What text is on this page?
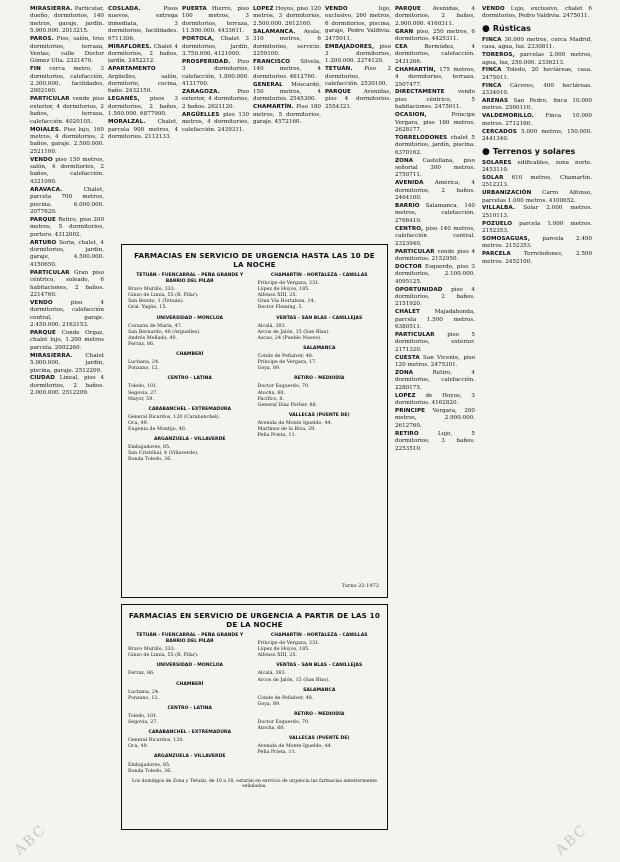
MIRASIERRA. Particular, dueño, dormitorios, 140 metros, garaje, jardín. 5.900.000. 2013215.

PAROS. Piso, salón, tres dormitorios, terraza, Ventas, calle Doctor Gómez Ulla. 2321470.

FIN cerca metro, 3 dormitorios, calefacción, 2.300.000, facilidades, 2002160.

PARTICULAR vende piso exterior, 4 dormitorios, 2 baños, terraza, calefacción. 4020105.

MOIALES. Piso lujo, 160 metros, 4 dormitorios, 2 baños, garaje. 2.500.000. 2521100.

VENDO piso 150 metros, salón, 4 dormitorios, 2 baños, calefacción. 4321090.

ARAVACA. Chalet, parcela 700 metros, piscina. 6.000.000. 2077620.

PARQUE Retiro, piso 200 metros, 5 dormitorios, portero. 4312002.

ARTURO Soria, chalet, 4 dormitorios, jardín, garaje, 4.500.000. 4150650.

PARTICULAR Gran piso céntrico, soleado, 6 habitaciones, 2 baños. 2214760.

VENDO piso 4 dormitorios, calefacción central, garaje. 2.450.000. 2162153.

PARQUE Conde Orgaz, chalet lujo, 1.200 metros parcela. 2002260.

MIRASIERRA. Chalet 5.000.000, jardín, piscina, garaje. 2512209.

CIUDAD Lineal, piso 4 dormitorios, 2 baños. 2.000.000. 2512209.

COSLADA. Pisos nuevos, entrega inmediata, 3 dormitorios, facilidades. 6711306.

MIRAFLORES. Chalet 4 dormitorios, 2 baños, jardín. 2452212.

APARTAMENTO Argüelles, salón, dormitorio, cocina, baño. 2432150.

LEGANÉS, pisos 3 dormitorios, 2 baños, 1.500.000. 6877900.

MORALZAL. Chalet, parcela 900 metros, 4 dormitorios. 2112133.

PUERTA Hierro, piso 100 metros, 3 dormitorios, terraza, 11.500.000. 4433611.

PORTOLA, Chalet 3 dormitorios, jardín, 3.750.000. 4121000.

PROSPERIDAD. Piso 3 dormitorios, calefacción, 1.800.000. 4131700.

ZARAGOZA. Piso exterior, 4 dormitorios, 2 baños. 2621120.

ARGÜELLES piso 130 metros, 4 dormitorios, calefacción. 2439311.

LOPEZ Hoyos, piso 120 metros, 3 dormitorios, 2.500.000. 2612160.

SALAMANCA. Ayala, 310 metros, 6 dormitorios, servicio. 2259100.

FRANCISCO Silvela, 140 metros, 4 dormitorios. 4612760.

GENERAL Moscardó, 150 metros, 4 dormitorios. 2545300.

CHAMARTÍN. Piso 180 metros, 5 dormitorios, garaje. 4572160.

VENDO lujo, exclusivo, 260 metros, 6 dormitorios, piscina, garaje, Pedro Valdivia. 2475011.

EMBAJADORES, piso 3 dormitorios, 1.200.000. 2274120.

TETUÁN. Piso 2 dormitorios, calefacción. 2530100.

PARQUE Avenidas, piso 4 dormitorios. 2554321.

PARQUE Avenidas, 4 dormitorios, 2 baños, 2.900.000. 4160311.

GRAN piso, 250 metros, 6 dormitorios. 4425311.

CEA Bermúdez, 4 dormitorios, calefacción. 2431266.

CHAMARTÍN, 175 metros, 4 dormitorios, terraza. 2507477.

DIRECTAMENTE vendo piso céntrico, 5 habitaciones. 2475011.

OCASION, Príncipe Vergara, piso 160 metros. 2628177.

TORRELODONES chalet 5 dormitorios, jardín, piscina. 6370162.

ZONA Castellana, piso señorial 300 metros. 2750711.

AVENIDA América, 4 dormitorios, 2 baños. 2464100.

BARRIO Salamanca, 140 metros, calefacción. 2766410.

CENTRO, piso 140 metros, calefacción central. 2323940.

PARTICULAR vende piso 4 dormitorios. 2152950.

DOCTOR Esquerdo, piso 3 dormitorios, 2.100.000. 4095125.

OPORTUNIDAD piso 4 dormitorios, 2 baños. 2151920.

CHALET Majadahonda, parcela 1.500 metros. 6380511.

PARTICULAR piso 5 dormitorios, exterior. 2171320.

CUESTA San Vicente, piso 120 metros. 2475301.

ZONA Retiro, 4 dormitorios, calefacción. 2280175.

LOPEZ de Hoyos, 3 dormitorios. 4162820.

PRINCIPE Vergara, 200 metros, 2.900.000. 2612760.

RETIRO Lujo, 5 dormitorios, 3 baños. 2253510.

VENDO Lujo, exclusivo, chalet 6 dormitorios, Pedro Valdivia. 2475011.

● Rústicas

FINCA 30.000 metros, cerca Madrid, casa, agua, luz. 2330811.

TOREROS, parcelas 2.000 metros, agua, luz, 250.000. 2336213.

FINCA Toledo, 20 hectáreas, casa. 2475011.

FINCA Cáceres, 400 hectáreas. 2334010.

ARENAS San Pedro, finca 10.000 metros. 2560110.

VALDEMORILLO. Finca 10.000 metros. 2712160.

CERCADOS 5.000 metros, 150.000. 2441340.

● Terrenos y solares

SOLARES edificables, zona norte. 2453110.

SOLAR 610 metros, Chamartín. 2512213.

URBANIZACIÓN Carro Alfonso, parcelas 1.000 metros. 4100652.

VILLALBA. Solar 2.000 metros. 2510113.

POZUELO parcela 1.000 metros. 2152353.

SOMOSAGUAS, parcela 2.400 metros. 2152353.

PARCELA Torrelodones, 2.500 metros. 2452100.

FARMACIAS EN SERVICIO DE URGENCIA HASTA LAS 10 DE LA NOCHE
TETUÁN - FUENCARRAL - PEÑA GRANDE Y BARRIO DEL PILAR
Bravo Murillo, 333.
Ginzo de Limia, 55 (B. Pilar).
San Benito, 1 (Tetuán).
Gral. Yagüe, 15.
UNIVERSIDAD - MONCLOA
Corazón de María, 47.
San Bernardo, 48 (Arguelles).
Andrés Mellado, 40.
Ferraz, 86.
CHAMBERÍ
Luchana, 24.
Ponzano, 12.
CENTRO - LATINA
Toledo, 101.
Segovia, 27.
Mayor, 59.
CARABANCHEL - EXTREMADURA
General Ricardos, 120 (Carabanchel).
Oca, 49.
Eugenia de Montijo, 40.
ARGANZUELA - VILLAVERDE
Embajadores, 85.
San Cristóbal, 4 (Villaverde).
Ronda Toledo, 36.
CHAMARTÍN - HORTALEZA - CANILLAS
Príncipe de Vergara, 231.
López de Hoyos, 185.
Alfonso XIII, 25.
Gran Vía Hortaleza, 14.
Doctor Fleming, 3.
VENTAS - SAN BLAS - CANILLEJAS
Alcalá, 383.
Arcos de Jalón, 15 (San Blas).
Ascao, 24 (Pueblo Nuevo).
SALAMANCA
Conde de Peñalver, 48.
Príncipe de Vergara, 17.
Goya, 89.
RETIRO - MEDIODÍA
Doctor Esquerdo, 70.
Atocha, 60.
Pacífico, 8.
General Díaz Porlier, 88.
VALLECAS (PUENTE DE)
Avenida de Monte Igueldo, 44.
Martínez de la Riva, 29.
Peña Prieta, 11.
Turno 22-1972
FARMACIAS EN SERVICIO DE URGENCIA A PARTIR DE LAS 10 DE LA NOCHE
TETUÁN - FUENCARRAL - PEÑA GRANDE Y BARRIO DEL PILAR
Bravo Murillo, 333.
Ginzo de Limia, 55 (B. Pilar).
UNIVERSIDAD - MONCLOA
Ferraz, 86.
CHAMBERÍ
Luchana, 24.
Ponzano, 12.
CENTRO - LATINA
Toledo, 101.
Segovia, 27.
CARABANCHEL - EXTREMADURA
General Ricardos, 120.
Oca, 49.
ARGANZUELA - VILLAVERDE
Embajadores, 85.
Ronda Toledo, 36.
CHAMARTÍN - HORTALEZA - CANILLAS
Príncipe de Vergara, 231.
López de Hoyos, 185.
Alfonso XIII, 25.
VENTAS - SAN BLAS - CANILLEJAS
Alcalá, 383.
Arcos de Jalón, 15 (San Blas).
SALAMANCA
Conde de Peñalver, 48.
Goya, 89.
RETIRO - MEDIODÍA
Doctor Esquerdo, 70.
Atocha, 60.
VALLECAS (PUENTE DE)
Avenida de Monte Igueldo, 44.
Peña Prieta, 11.
Los domingos de Zona y Tetuán, de 10 a 18, estarán en servicio de urgencia las farmacias anteriormente señaladas.
ABC	ABC
